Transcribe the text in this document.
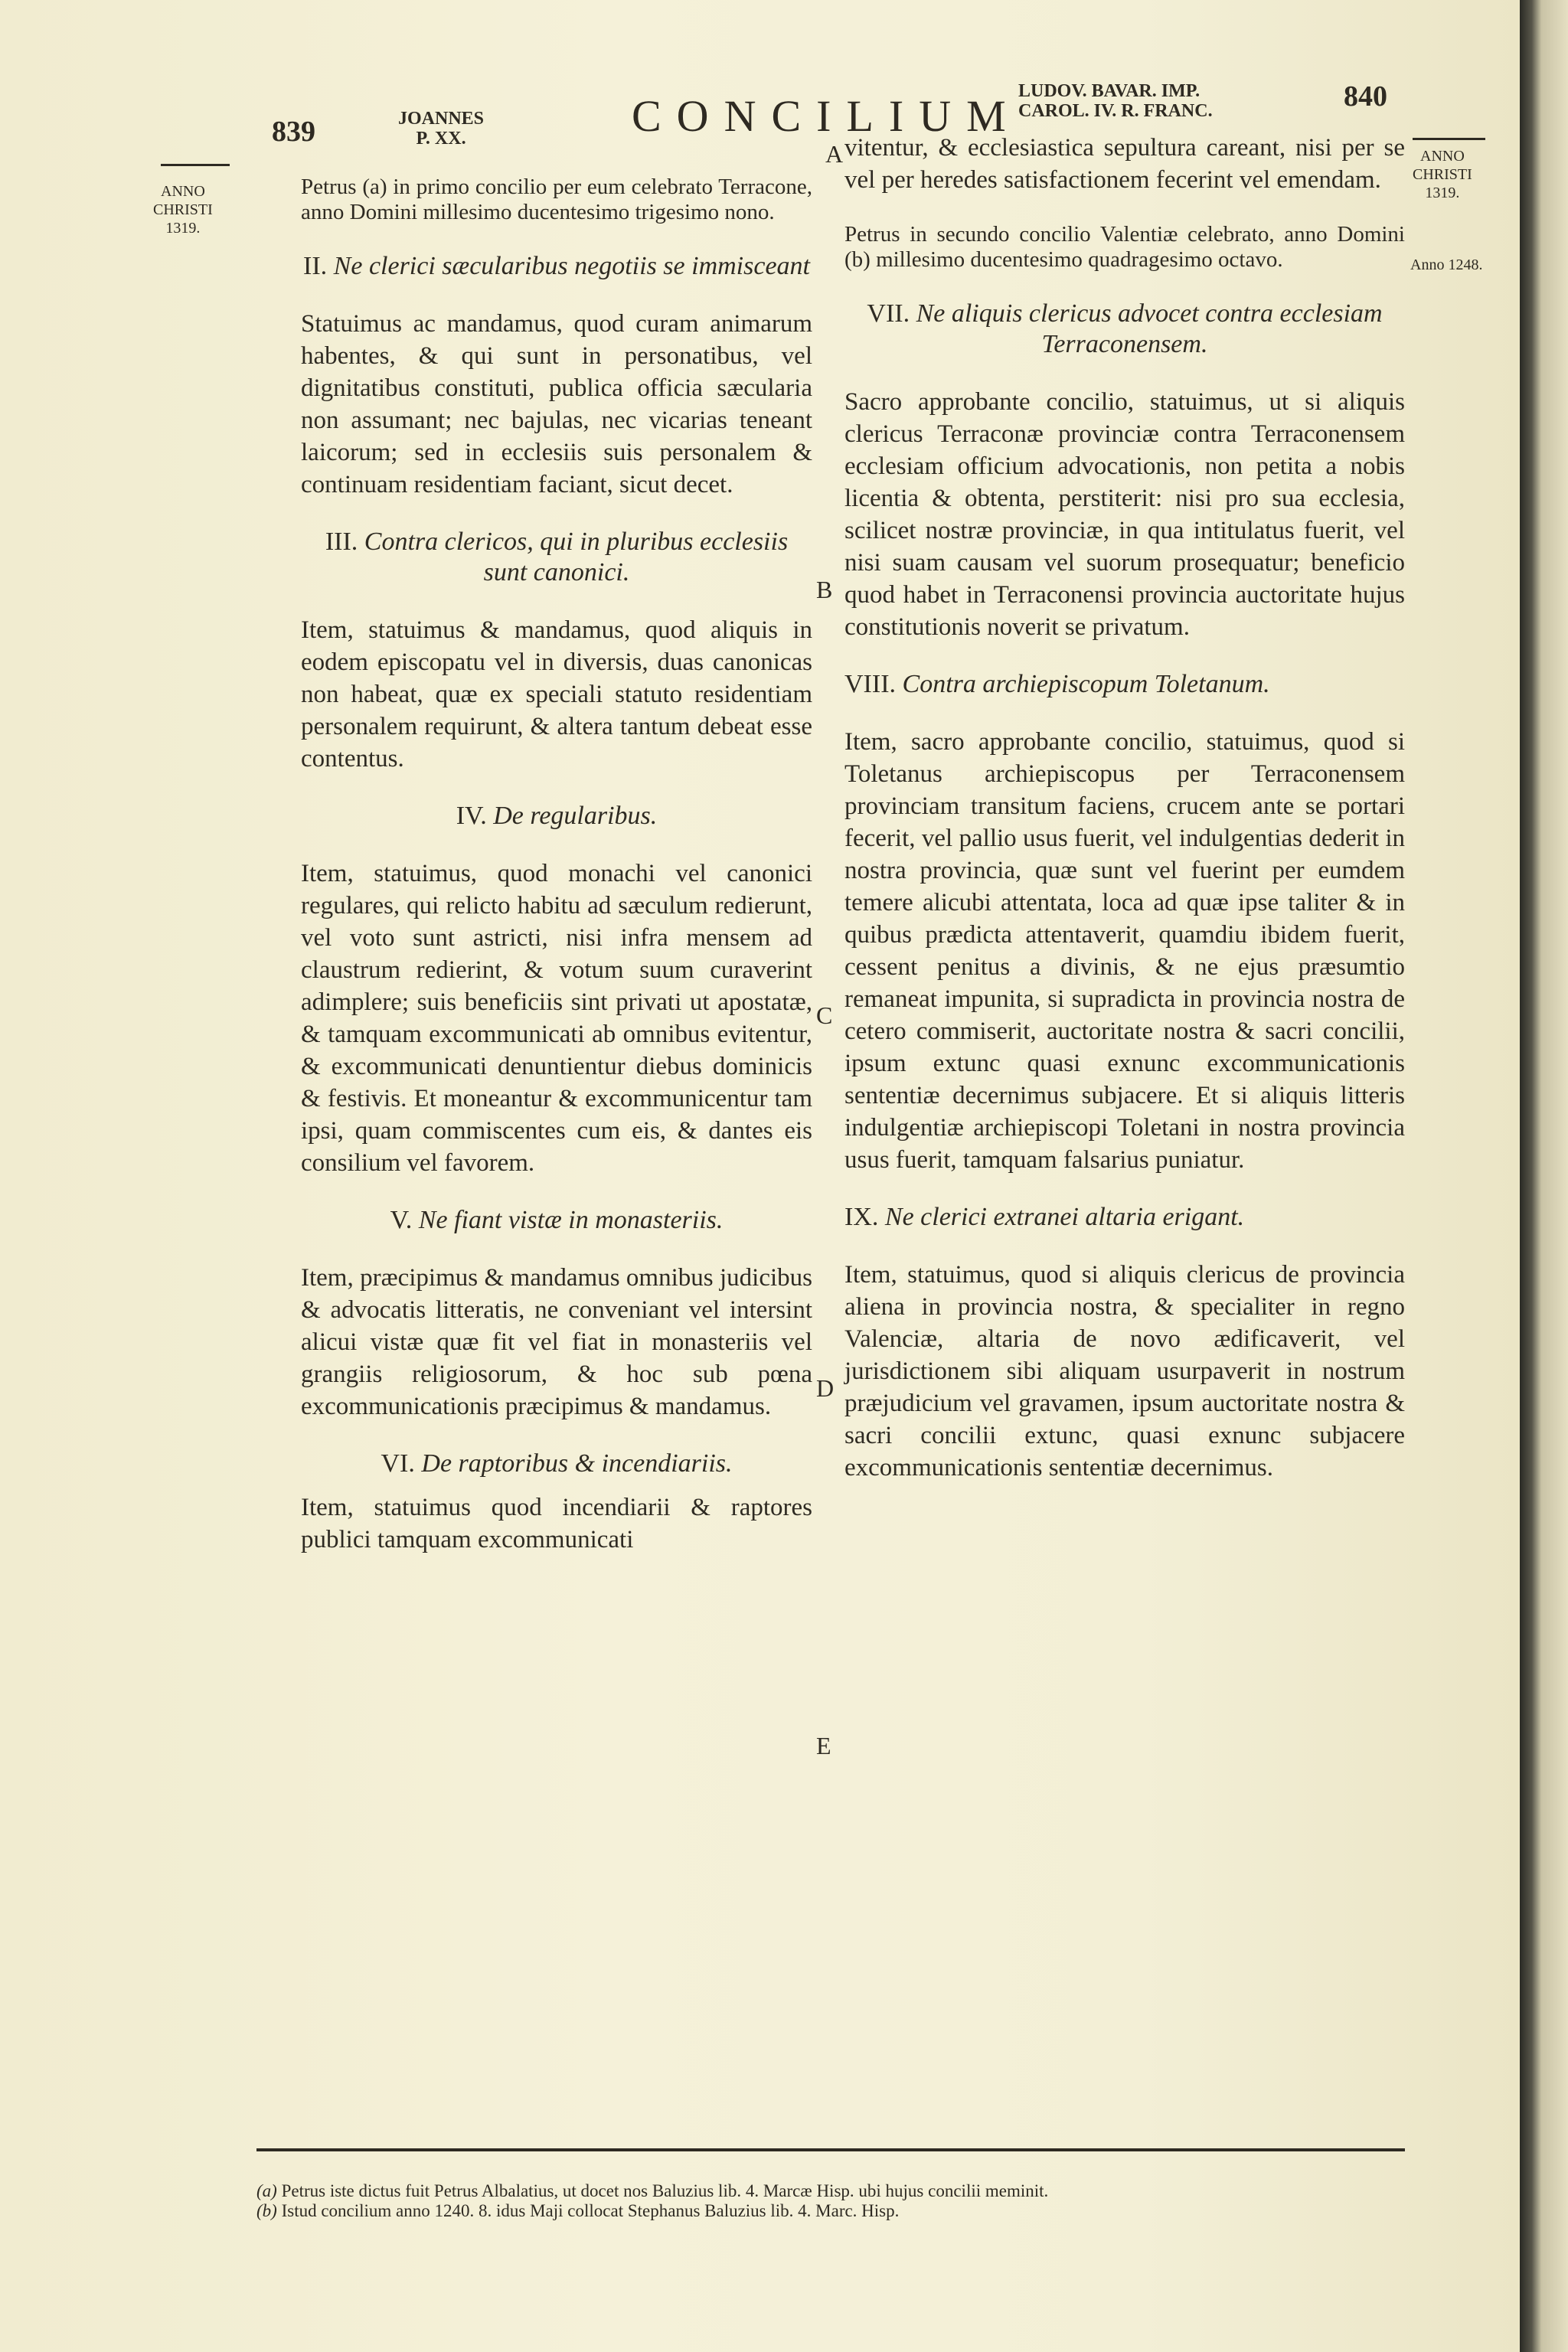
839	JOANNES
P. XX.	CONCILIUM
LUDOV. BAVAR. IMP.
CAROL. IV. R. FRANC.	840
ANNO
CHRISTI
1319.
ANNO
CHRISTI
1319.
Anno 1248.
A
B
C
D
E

Petrus (a) in primo concilio per eum celebrato Terracone, anno Domini millesimo ducentesimo trigesimo nono.

II. Ne clerici sæcularibus negotiis se immisceant

Statuimus ac mandamus, quod curam animarum habentes, & qui sunt in personatibus, vel dignitatibus constituti, publica officia sæcularia non assumant; nec bajulas, nec vicarias teneant laicorum; sed in ecclesiis suis personalem & continuam residentiam faciant, sicut decet.

III. Contra clericos, qui in pluribus ecclesiis sunt canonici.

Item, statuimus & mandamus, quod aliquis in eodem episcopatu vel in diversis, duas canonicas non habeat, quæ ex speciali statuto residentiam personalem requirunt, & altera tantum debeat esse contentus.

IV. De regularibus.

Item, statuimus, quod monachi vel canonici regulares, qui relicto habitu ad sæculum redierunt, vel voto sunt astricti, nisi infra mensem ad claustrum redierint, & votum suum curaverint adimplere; suis beneficiis sint privati ut apostatæ, & tamquam excommunicati ab omnibus evitentur, & excommunicati denuntientur diebus dominicis & festivis. Et moneantur & excommunicentur tam ipsi, quam commiscentes cum eis, & dantes eis consilium vel favorem.

V. Ne fiant vistæ in monasteriis.

Item, præcipimus & mandamus omnibus judicibus & advocatis litteratis, ne conveniant vel intersint alicui vistæ quæ fit vel fiat in monasteriis vel grangiis religiosorum, & hoc sub pœna excommunicationis præcipimus & mandamus.

VI. De raptoribus & incendiariis.

Item, statuimus quod incendiarii & raptores publici tamquam excommunicati

vitentur, & ecclesiastica sepultura careant, nisi per se vel per heredes satisfactionem fecerint vel emendam.

Petrus in secundo concilio Valentiæ celebrato, anno Domini (b) millesimo ducentesimo quadragesimo octavo.

VII. Ne aliquis clericus advocet contra ecclesiam Terraconensem.

Sacro approbante concilio, statuimus, ut si aliquis clericus Terraconæ provinciæ contra Terraconensem ecclesiam officium advocationis, non petita a nobis licentia & obtenta, perstiterit: nisi pro sua ecclesia, scilicet nostræ provinciæ, in qua intitulatus fuerit, vel nisi suam causam vel suorum prosequatur; beneficio quod habet in Terraconensi provincia auctoritate hujus constitutionis noverit se privatum.

VIII. Contra archiepiscopum Toletanum.

Item, sacro approbante concilio, statuimus, quod si Toletanus archiepiscopus per Terraconensem provinciam transitum faciens, crucem ante se portari fecerit, vel pallio usus fuerit, vel indulgentias dederit in nostra provincia, quæ sunt vel fuerint per eumdem temere alicubi attentata, loca ad quæ ipse taliter & in quibus prædicta attentaverit, quamdiu ibidem fuerit, cessent penitus a divinis, & ne ejus præsumtio remaneat impunita, si supradicta in provincia nostra de cetero commiserit, auctoritate nostra & sacri concilii, ipsum extunc quasi exnunc excommunicationis sententiæ decernimus subjacere. Et si aliquis litteris indulgentiæ archiepiscopi Toletani in nostra provincia usus fuerit, tamquam falsarius puniatur.

IX. Ne clerici extranei altaria erigant.

Item, statuimus, quod si aliquis clericus de provincia aliena in provincia nostra, & specialiter in regno Valenciæ, altaria de novo ædificaverit, vel jurisdictionem sibi aliquam usurpaverit in nostrum præjudicium vel gravamen, ipsum auctoritate nostra & sacri concilii extunc, quasi exnunc subjacere excommunicationis sententiæ decernimus.

(a) Petrus iste dictus fuit Petrus Albalatius, ut docet nos Baluzius lib. 4. Marcæ Hisp. ubi hujus concilii meminit.

(b) Istud concilium anno 1240. 8. idus Maji collocat Stephanus Baluzius lib. 4. Marc. Hisp.
